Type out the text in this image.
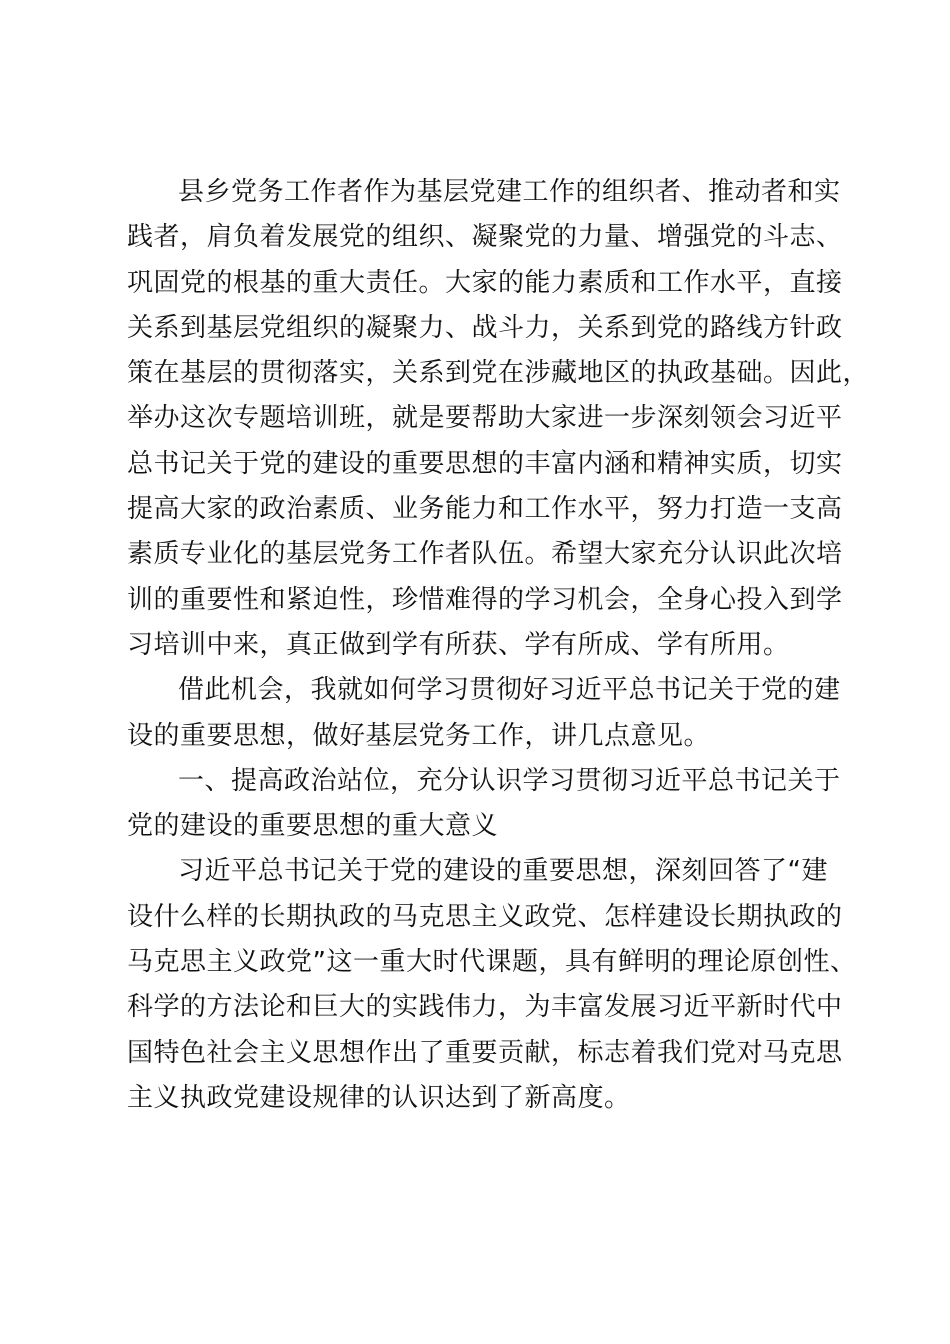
县乡党务工作者作为基层党建工作的组织者、推动者和实
践者，肩负着发展党的组织、凝聚党的力量、增强党的斗志、
巩固党的根基的重大责任。大家的能力素质和工作水平，直接
关系到基层党组织的凝聚力、战斗力，关系到党的路线方针政
策在基层的贯彻落实，关系到党在涉藏地区的执政基础。因此，
举办这次专题培训班，就是要帮助大家进一步深刻领会习近平
总书记关于党的建设的重要思想的丰富内涵和精神实质，切实
提高大家的政治素质、业务能力和工作水平，努力打造一支高
素质专业化的基层党务工作者队伍。希望大家充分认识此次培
训的重要性和紧迫性，珍惜难得的学习机会，全身心投入到学
习培训中来，真正做到学有所获、学有所成、学有所用。
借此机会，我就如何学习贯彻好习近平总书记关于党的建
设的重要思想，做好基层党务工作，讲几点意见。
一、提高政治站位，充分认识学习贯彻习近平总书记关于
党的建设的重要思想的重大意义
习近平总书记关于党的建设的重要思想，深刻回答了“建
设什么样的长期执政的马克思主义政党、怎样建设长期执政的
马克思主义政党”这一重大时代课题，具有鲜明的理论原创性、
科学的方法论和巨大的实践伟力，为丰富发展习近平新时代中
国特色社会主义思想作出了重要贡献，标志着我们党对马克思
主义执政党建设规律的认识达到了新高度。
